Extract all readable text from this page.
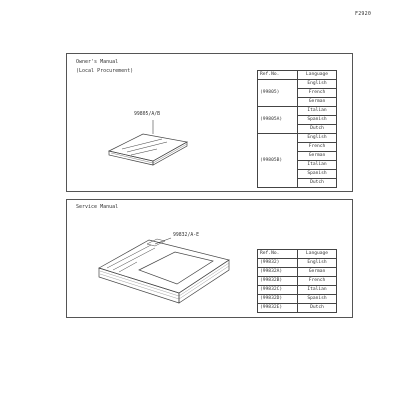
F2920
Owner's Manual
(Local Procurement)
99805/A/B
Ref.No.	Language
(99805)	English
	French
	German
(99805A)	Italian
	Spanish
	Dutch
(99805B)	English
	French
	German
	Italian
	Spanish
	Dutch
Service Manual
99832/A-E
Ref.No.	Language
(99832)	English
(99832A)	German
(99832B)	French
(99832C)	Italian
(99832D)	Spanish
(99832E)	Dutch
